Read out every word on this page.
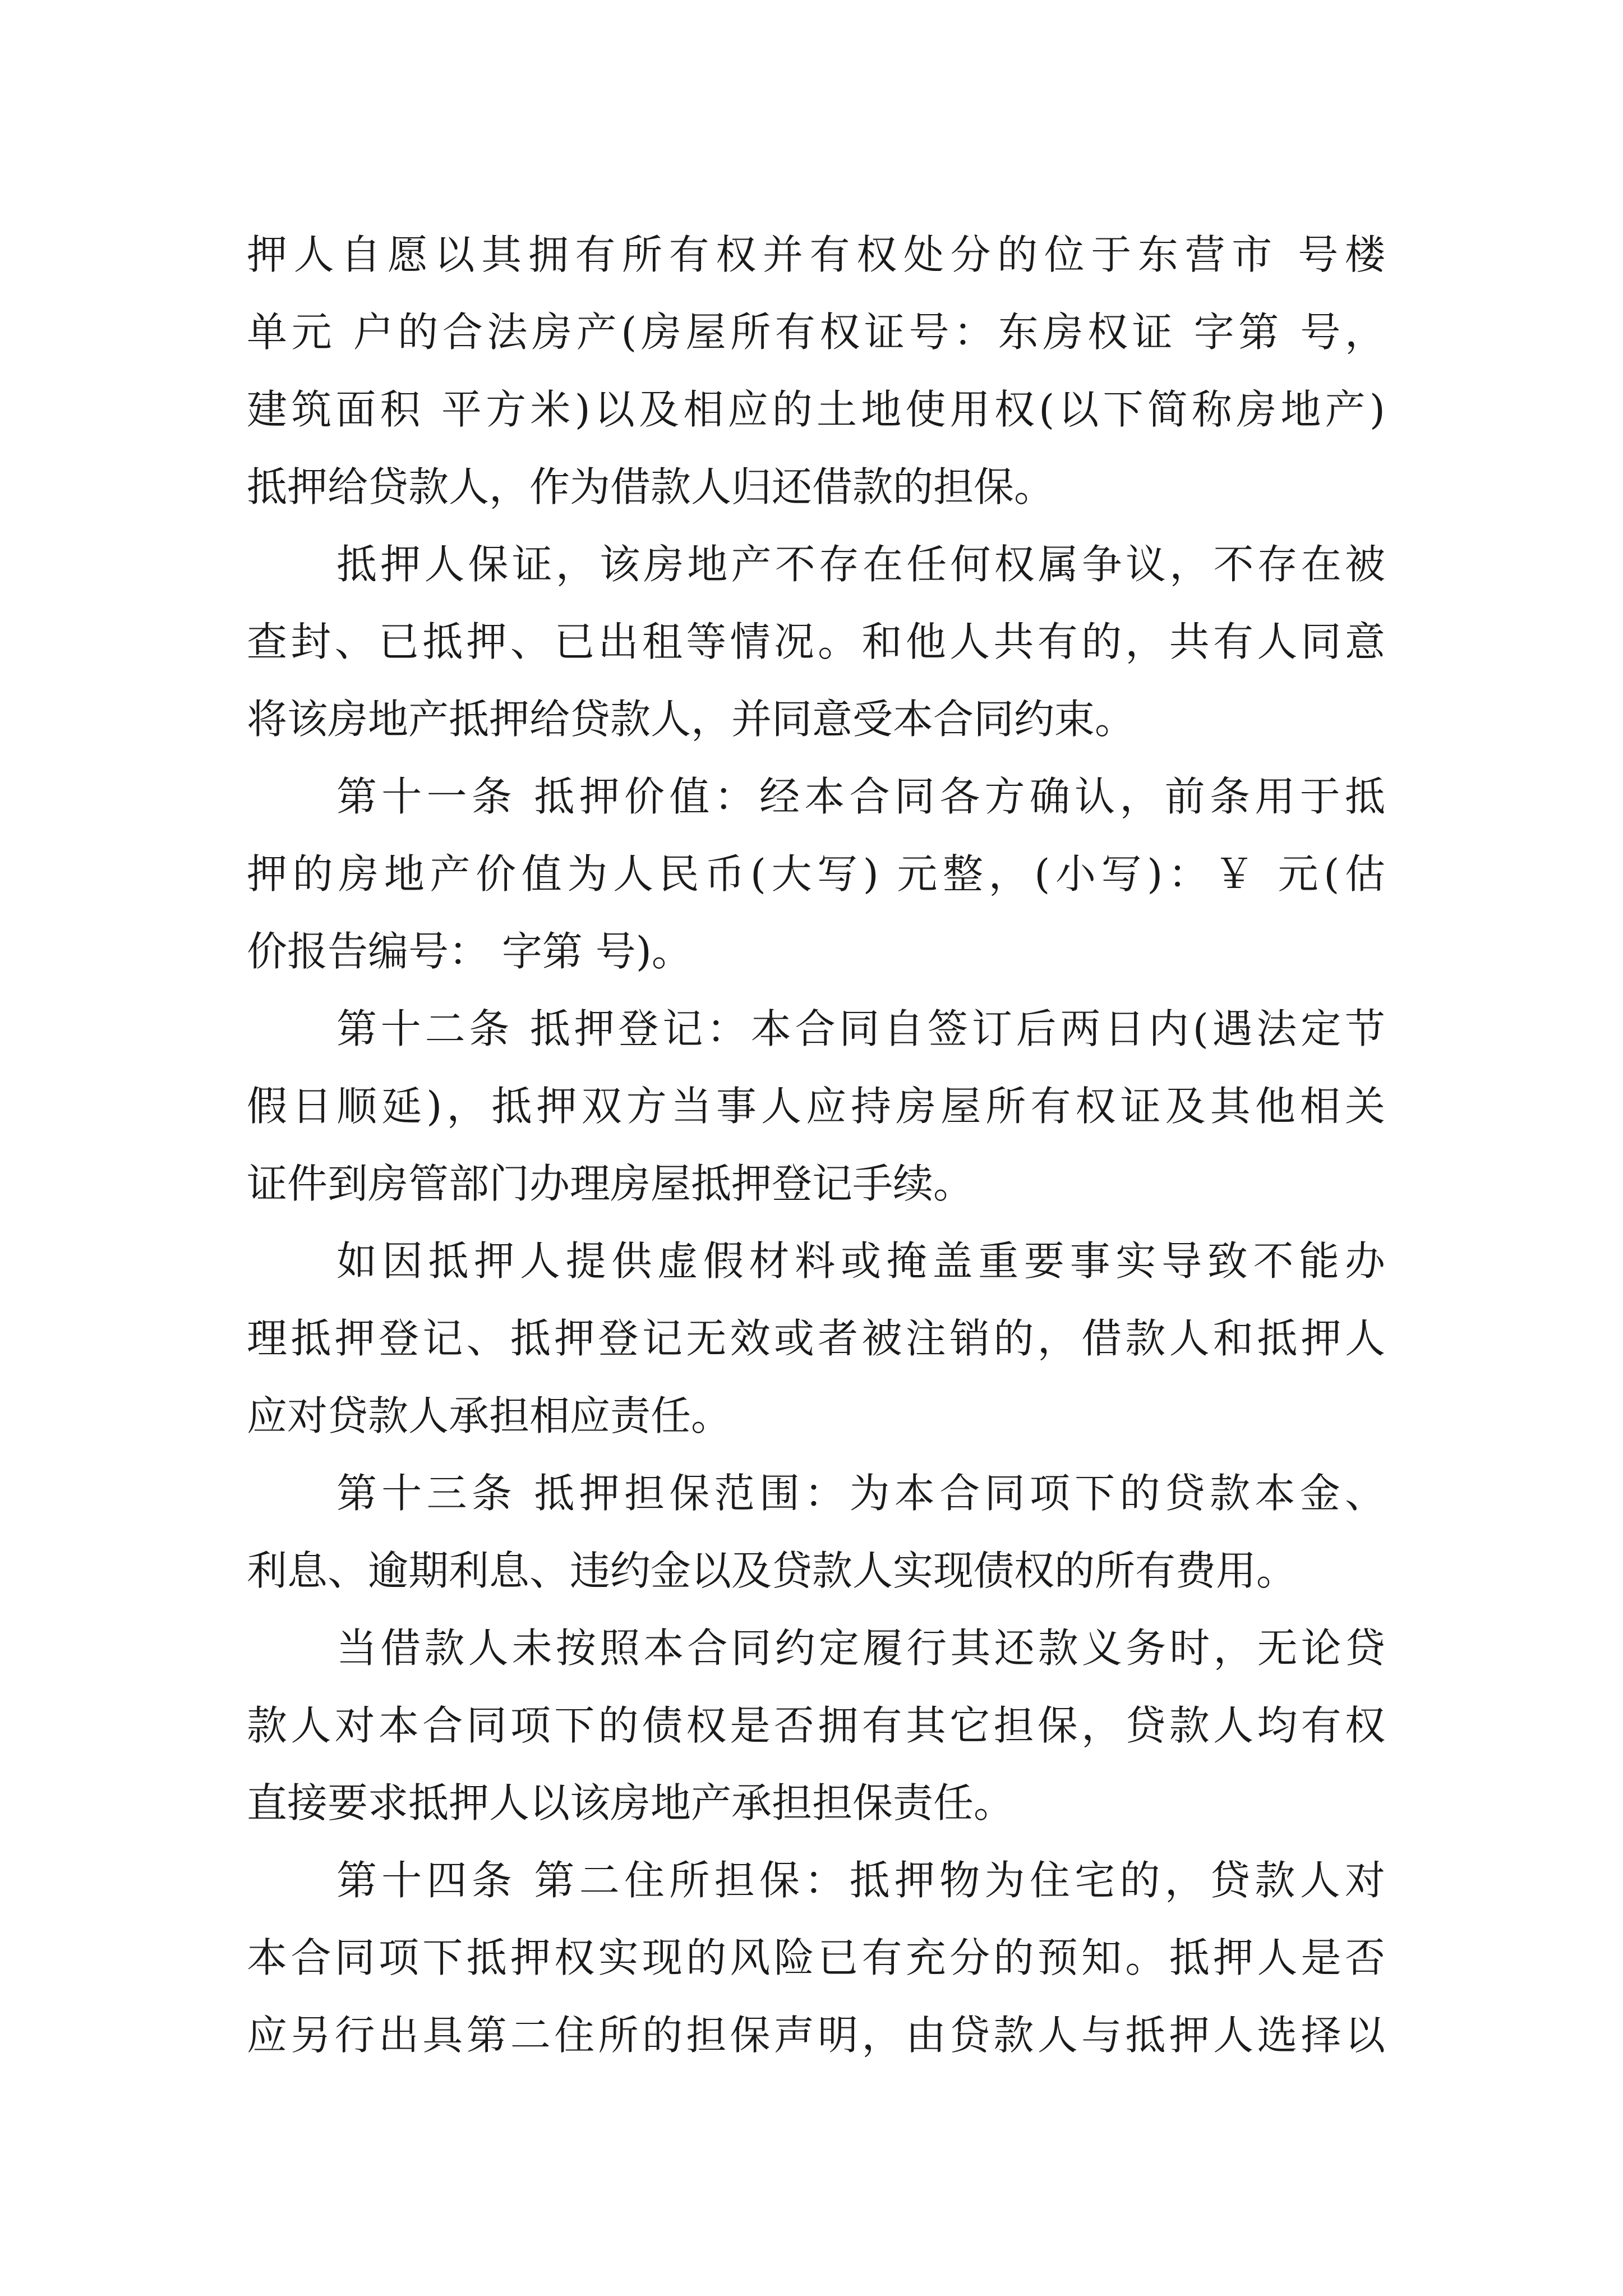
押人自愿以其拥有所有权并有权处分的位于东营市 号楼
单元 户的合法房产(房屋所有权证号：东房权证 字第 号，
建筑面积 平方米)以及相应的土地使用权(以下简称房地产)
抵押给贷款人，作为借款人归还借款的担保。
抵押人保证，该房地产不存在任何权属争议，不存在被
查封、已抵押、已出租等情况。和他人共有的，共有人同意
将该房地产抵押给贷款人，并同意受本合同约束。
第十一条 抵押价值：经本合同各方确认，前条用于抵
押的房地产价值为人民币(大写) 元整，(小写)：￥ 元(估
价报告编号： 字第 号)。
第十二条 抵押登记：本合同自签订后两日内(遇法定节
假日顺延)，抵押双方当事人应持房屋所有权证及其他相关
证件到房管部门办理房屋抵押登记手续。
如因抵押人提供虚假材料或掩盖重要事实导致不能办
理抵押登记、抵押登记无效或者被注销的，借款人和抵押人
应对贷款人承担相应责任。
第十三条 抵押担保范围：为本合同项下的贷款本金、
利息、逾期利息、违约金以及贷款人实现债权的所有费用。
当借款人未按照本合同约定履行其还款义务时，无论贷
款人对本合同项下的债权是否拥有其它担保，贷款人均有权
直接要求抵押人以该房地产承担担保责任。
第十四条 第二住所担保：抵押物为住宅的，贷款人对
本合同项下抵押权实现的风险已有充分的预知。抵押人是否
应另行出具第二住所的担保声明，由贷款人与抵押人选择以
